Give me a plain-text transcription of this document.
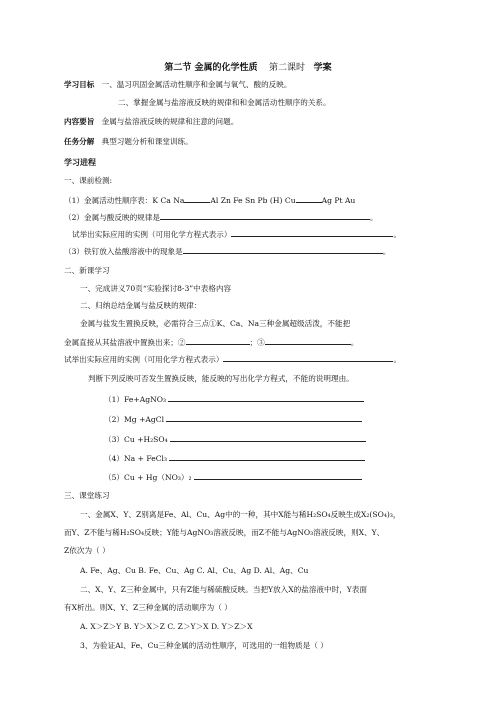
第二节 金属的化学性质 第二课时 学案
学习目标 一、温习巩固金属活动性顺序和金属与氧气、酸的反映。
二、掌握金属与盐溶液反映的规律和和金属活动性顺序的关系。
内容要旨 金属与盐溶液反映的规律和注意的问题。
任务分解 典型习题分析和课堂训练。
学习进程
一、课前检测:
（1）金属活动性顺序表：K Ca Na	Al Zn Fe Sn Pb (H) Cu	Ag Pt Au
（2）金属与酸反映的规律是	。
试举出实际应用的实例（可用化学方程式表示）	。
（3）铁钉放入盐酸溶液中的现象是	。
二、新课学习
一、完成讲义70页“实验探讨8-3”中表格内容
二、归纳总结金属与盐反映的规律：
金属与盐发生置换反映，必需符合三点①K、Ca、Na三种金属超级活泼，不能把
金属直接从其盐溶液中置换出来；②	；③	。
试举出实际应用的实例（可用化学方程式表示）	。
判断下列反映可否发生置换反映，能反映的写出化学方程式，不能的说明理由。
（1）Fe+AgNO₃
（2）Mg +AgCl
（3）Cu +H₂SO₄
（4）Na + FeCl₃
（5）Cu + Hg（NO₃）₂
三、课堂练习
一、金属X、Y、Z别离是Fe、Al、Cu、Ag中的一种，其中X能与稀H₂SO₄反映生成X₂(SO₄)₃，
而Y、Z不能与稀H₂SO₄反映；Y能与AgNO₃溶液反映，而Z不能与AgNO₃溶液反映，则X、Y、
Z依次为（ ）
A. Fe、Ag、Cu B. Fe、Cu、Ag C. Al、Cu、Ag D. Al、Ag、Cu
二、X、Y、Z三种金属中，只有Z能与稀硫酸反映。当把Y放入X的盐溶液中时，Y表面
有X析出。则X、Y、Z三种金属的活动顺序为（ ）
A. X＞Z＞Y B. Y＞X＞Z C. Z＞Y＞X D. Y＞Z＞X
3、为验证Al、Fe、Cu三种金属的活动性顺序，可选用的一组物质是（ ）
